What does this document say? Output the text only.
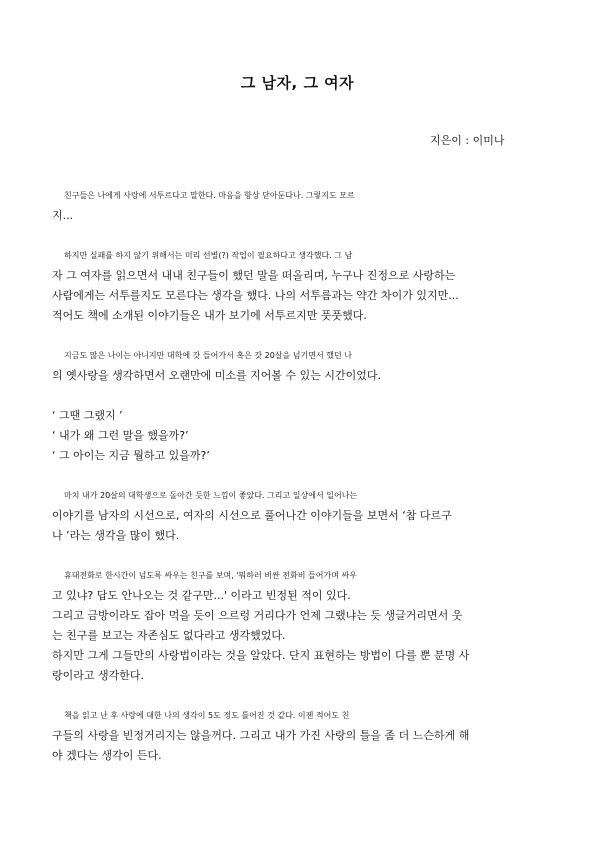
그 남자, 그 여자
지은이 : 이미나
친구들은 나에게 사랑에 서투르다고 말한다. 마음을 항상 닫아둔다나. 그렇지도 모르
지...
하지만 실패를 하지 않기 위해서는 미리 선별(?) 작업이 필요하다고 생각했다. 그 남
자 그 여자를 읽으면서 내내 친구들이 했던 말을 떠올리며, 누구나 진정으로 사랑하는
사람에게는 서투를지도 모른다는 생각을 했다. 나의 서투름과는 약간 차이가 있지만...
적어도 책에 소개된 이야기들은 내가 보기에 서투르지만 풋풋했다.
지금도 많은 나이는 아니지만 대학에 갓 들어가서 혹은 갓 20살을 넘기면서 했던 나
의 옛사랑을 생각하면서 오랜만에 미소를 지어볼 수 있는 시간이었다.
‘ 그땐 그랬지 ’
‘ 내가 왜 그런 말을 했을까?’
‘ 그 아이는 지금 뭘하고 있을까?’
마치 내가 20살의 대학생으로 돌아간 듯한 느낌이 좋았다. 그리고 일상에서 일어나는
이야기를 남자의 시선으로, 여자의 시선으로 풀어나간 이야기들을 보면서 ‘참 다르구
나 ’라는 생각을 많이 했다.
휴대전화로 한시간이 넘도록 싸우는 친구를 보며, '뭐하러 비싼 전화비 들어가며 싸우
고 있냐? 답도 안나오는 것 같구만...' 이라고 빈정된 적이 있다.
그리고 금방이라도 잡아 먹을 듯이 으르렁 거리다가 언제 그랬냐는 듯 생글거리면서 웃
는 친구를 보고는 자존심도 없다라고 생각했었다.
하지만 그게 그들만의 사랑법이라는 것을 알았다. 단지 표현하는 방법이 다를 뿐 분명 사
랑이라고 생각한다.
책을 읽고 난 후 사랑에 대한 나의 생각이 5도 정도 틀어진 것 같다. 이젠 적어도 친
구들의 사랑을 빈정거리지는 않을꺼다. 그리고 내가 가진 사랑의 틀을 좀 더 느슨하게 해
야 겠다는 생각이 든다.
